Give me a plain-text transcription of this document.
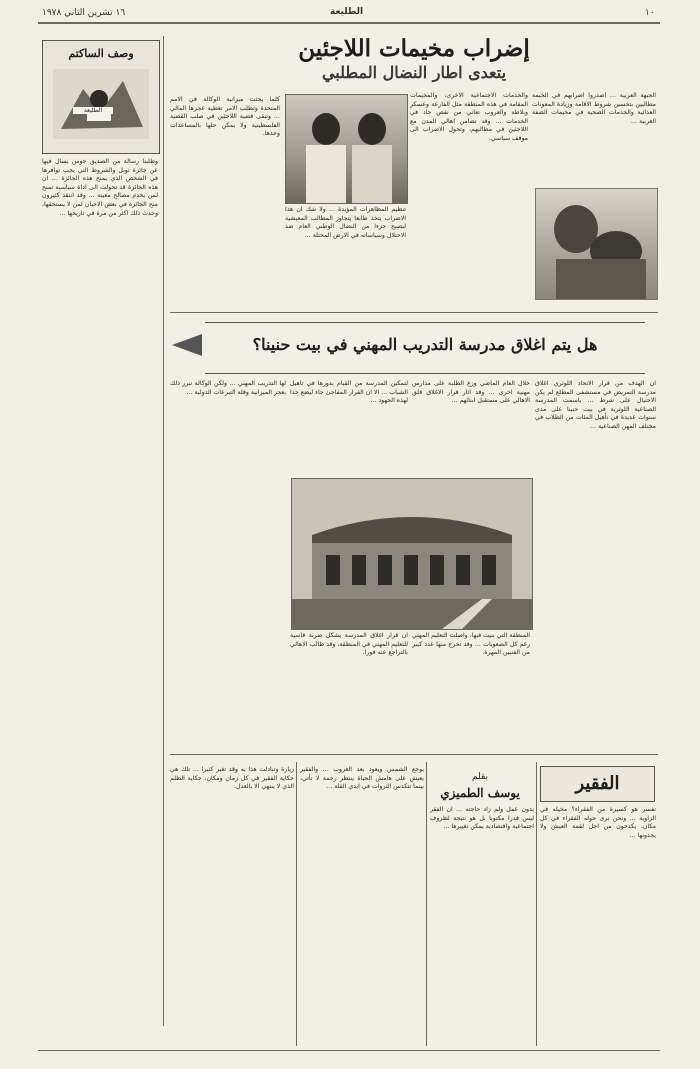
١٦ تشرين الثاني ١٩٧٨	الطليعة	١٠
وصف الساكتم
الطليعة
وطلبنا رسالة من الصديق جوس يسأل فيها عن جائزة نوبل والشروط التي يجب توافرها في الشخص الذي يمنح هذه الجائزة … ان هذه الجائزة قد تحولت الى اداة سياسية تمنح لمن يخدم مصالح معينة … وقد انتقد كثيرون منح الجائزة في بعض الاحيان لمن لا يستحقها، وحدث ذلك اكثر من مرة في تاريخها …
إضراب مخيمات اللاجئين
يتعدى اطار النضال المطلبي
الجبهة العربية … أصدروا اضرابهم في الخيمة مطالبين بتحسين شروط الاقامة وزيادة المعونات الغذائية والخدمات الصحية في مخيمات الضفة الغربية …
والخدمات الاجتماعية الاخرى، والمخيمات المقامة في هذه المنطقة مثل الفارعة وعسكر وبلاطة والعروب تعاني من نقص حاد في الخدمات … وقد تضامن اهالي المدن مع اللاجئين في مطالبهم، وتحول الاضراب الى موقف سياسي.
تنظيم المظاهرات المؤيدة … ولا شك ان هذا الاضراب يتخذ طابعا يتجاوز المطالب المعيشية ليصبح جزءا من النضال الوطني العام ضد الاحتلال وسياساته في الارض المحتلة …
كلما بحثت ميزانية الوكالة في الامم المتحدة وتطلب الامر تغطية عجزها المالي … وتبقى قضية اللاجئين في صلب القضية الفلسطينية ولا يمكن حلها بالمساعدات وحدها.
هل يتم اغلاق مدرسة التدريب المهني في بيت حنينا؟
ان الهدف من قرار الاتحاد اللوثري اغلاق مدرسة التمريض في مستشفى المطلع لم يكن الاحتيال على شرط … باسمت المدرسة الصناعية اللوثرية في بيت حنينا على مدى سنوات عديدة في تأهيل المئات من الطلاب في مختلف المهن الصناعية …
خلال العام الماضي وزع الطلبة على مدارس مهنية اخرى … وقد اثار قرار الاغلاق قلق الاهالي على مستقبل ابنائهم …
لتمكين المدرسة من القيام بدورها في تأهيل الشباب … الا ان القرار المفاجئ جاء ليضع حدا لهذه الجهود …
لها التدريب المهني … ولكن الوكالة تبرر ذلك بعجز الميزانية وقلة التبرعات الدولية …
المنطقة التي بنيت فيها، واصلت التعليم المهني رغم كل الصعوبات … وقد تخرج منها عدد كبير من الفنيين المهرة.
ان قرار اغلاق المدرسة يشكل ضربة قاسية للتعليم المهني في المنطقة، وقد طالب الاهالي بالتراجع عنه فورا.
الفقير
بقلم
يوسف الطميزي
نفسر هو كسيرة من الفقراء؟ مخيله في الزاوية … ونحن نرى حوله الفقراء في كل مكان، يكدحون من اجل لقمة العيش ولا يجدونها …
بدون عمل ولم زاد حاجته … ان الفقر ليس قدرا مكتوبا بل هو نتيجة لظروف اجتماعية واقتصادية يمكن تغييرها …
بوجع الشمس ويعود بعد الغروب … والفقير يعيش على هامش الحياة ينتظر رحمة لا تأتي، بينما تتكدس الثروات في ايدي القلة …
زيارة وتبادلت هذا به وقد تغير كثيرا … تلك هي حكاية الفقير في كل زمان ومكان، حكاية الظلم الذي لا ينتهي الا بالعدل.
